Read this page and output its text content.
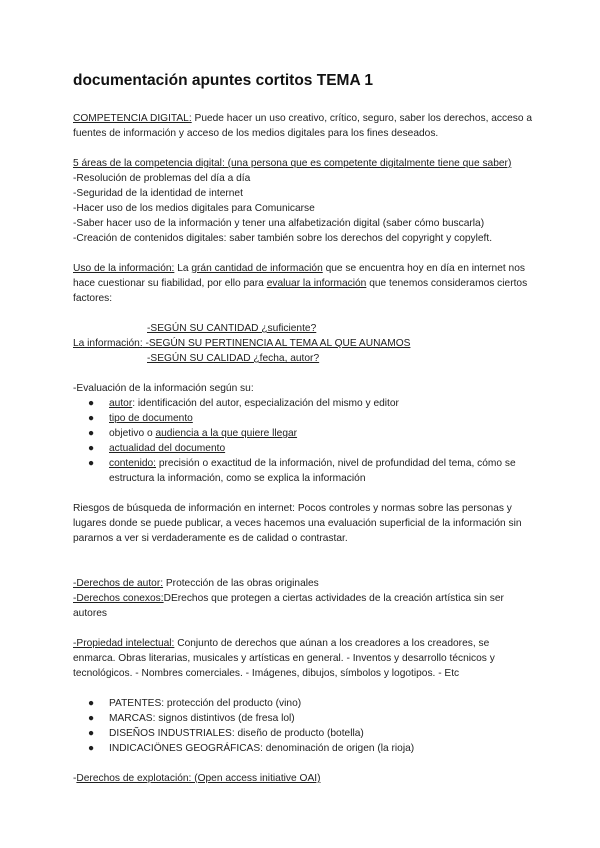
documentación apuntes cortitos TEMA 1

COMPETENCIA DIGITAL: Puede hacer un uso creativo, crítico, seguro, saber los derechos, acceso a fuentes de información y acceso de los medios digitales para los fines deseados.

5 áreas de la competencia digital: (una persona que es competente digitalmente tiene que saber)

-Resolución de problemas del día a día

-Seguridad de la identidad de internet

-Hacer uso de los medios digitales para Comunicarse

-Saber hacer uso de la información y tener una alfabetización digital (saber cómo buscarla)

-Creación de contenidos digitales: saber también sobre los derechos del copyright y copyleft.

Uso de la información: La grán cantidad de información que se encuentra hoy en día en internet nos hace cuestionar su fiabilidad, por ello para evaluar la información que tenemos consideramos ciertos factores:

-SEGÚN SU CANTIDAD ¿suficiente?

La información: -SEGÚN SU PERTINENCIA AL TEMA AL QUE AUNAMOS

-SEGÚN SU CALIDAD ¿fecha, autor?

-Evaluación de la información según su:

● autor: identificación del autor, especialización del mismo y editor
● tipo de documento
● objetivo o audiencia a la que quiere llegar
● actualidad del documento
● contenido: precisión o exactitud de la información, nivel de profundidad del tema, cómo se estructura la información, como se explica la información

Riesgos de búsqueda de información en internet: Pocos controles y normas sobre las personas y lugares donde se puede publicar, a veces hacemos una evaluación superficial de la información sin pararnos a ver si verdaderamente es de calidad o contrastar.

-Derechos de autor: Protección de las obras originales

-Derechos conexos:DErechos que protegen a ciertas actividades de la creación artística sin ser autores

-Propiedad intelectual: Conjunto de derechos que aúnan a los creadores a los creadores, se enmarca. Obras literarias, musicales y artísticas en general. - Inventos y desarrollo técnicos y tecnológicos. - Nombres comerciales. - Imágenes, dibujos, símbolos y logotipos. - Etc

● PATENTES: protección del producto (vino)
● MARCAS: signos distintivos (de fresa lol)
● DISEÑOS INDUSTRIALES: diseño de producto (botella)
● INDICACIÖNES GEOGRÁFICAS: denominación de origen (la rioja)

-Derechos de explotación: (Open access initiative OAI)
